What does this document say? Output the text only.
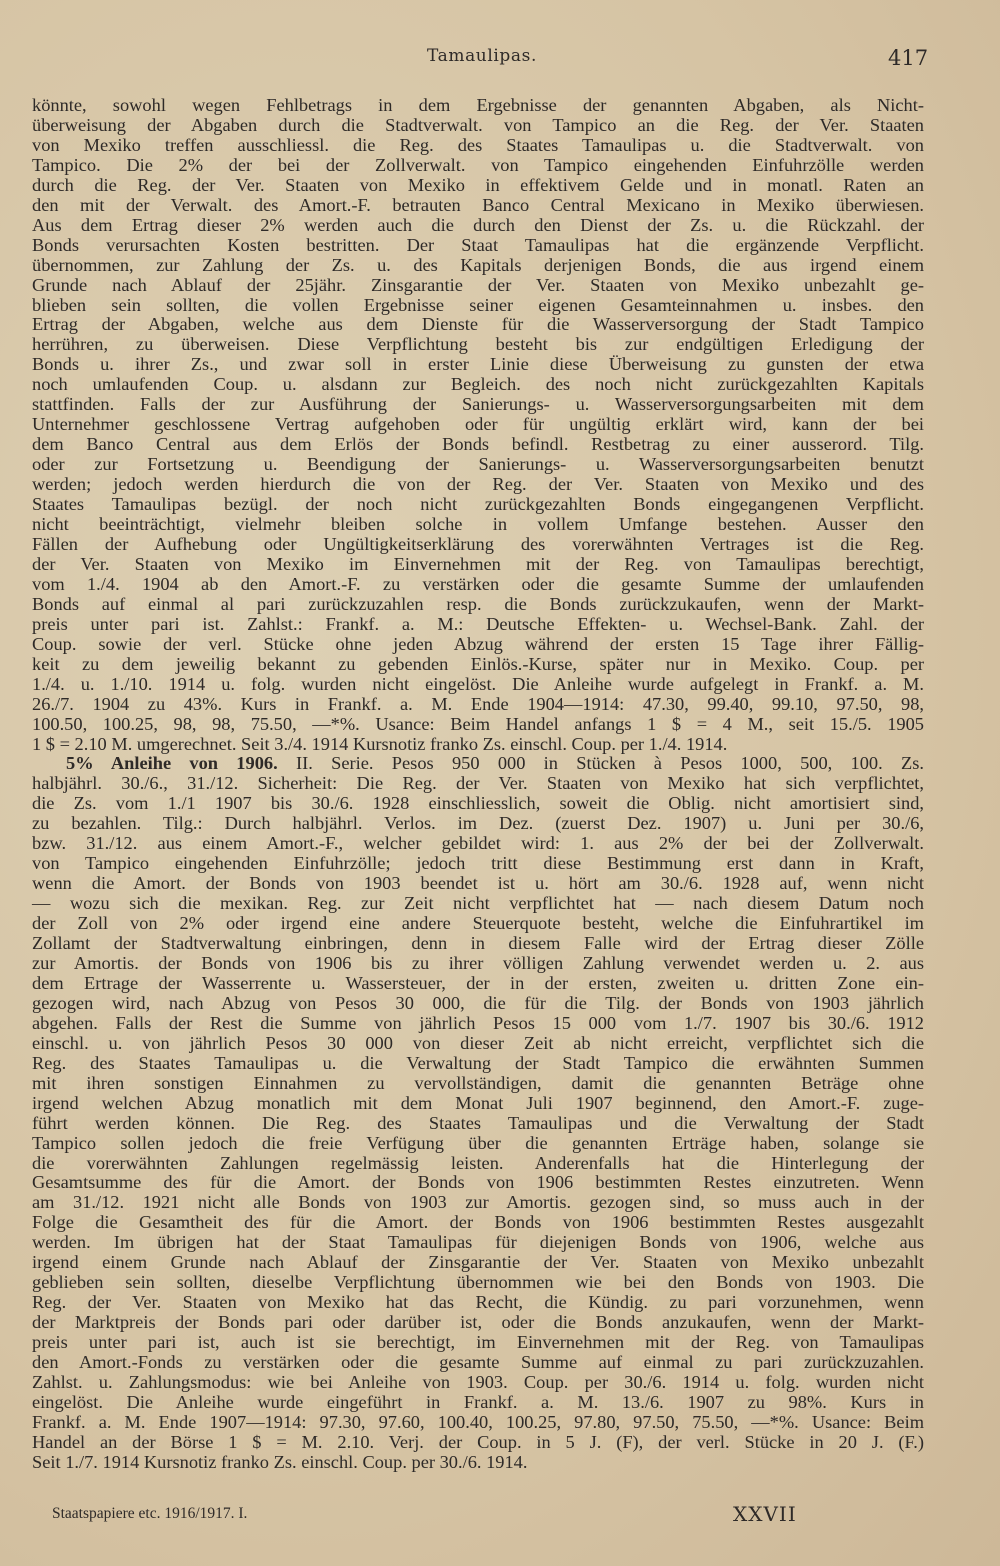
Tamaulipas.	417
könnte, sowohl wegen Fehlbetrags in dem Ergebnisse der genannten Abgaben, als Nicht-
überweisung der Abgaben durch die Stadtverwalt. von Tampico an die Reg. der Ver. Staaten
von Mexiko treffen ausschliessl. die Reg. des Staates Tamaulipas u. die Stadtverwalt. von
Tampico. Die 2% der bei der Zollverwalt. von Tampico eingehenden Einfuhrzölle werden
durch die Reg. der Ver. Staaten von Mexiko in effektivem Gelde und in monatl. Raten an
den mit der Verwalt. des Amort.-F. betrauten Banco Central Mexicano in Mexiko überwiesen.
Aus dem Ertrag dieser 2% werden auch die durch den Dienst der Zs. u. die Rückzahl. der
Bonds verursachten Kosten bestritten. Der Staat Tamaulipas hat die ergänzende Verpflicht.
übernommen, zur Zahlung der Zs. u. des Kapitals derjenigen Bonds, die aus irgend einem
Grunde nach Ablauf der 25jähr. Zinsgarantie der Ver. Staaten von Mexiko unbezahlt ge-
blieben sein sollten, die vollen Ergebnisse seiner eigenen Gesamteinnahmen u. insbes. den
Ertrag der Abgaben, welche aus dem Dienste für die Wasserversorgung der Stadt Tampico
herrühren, zu überweisen. Diese Verpflichtung besteht bis zur endgültigen Erledigung der
Bonds u. ihrer Zs., und zwar soll in erster Linie diese Überweisung zu gunsten der etwa
noch umlaufenden Coup. u. alsdann zur Begleich. des noch nicht zurückgezahlten Kapitals
stattfinden. Falls der zur Ausführung der Sanierungs- u. Wasserversorgungsarbeiten mit dem
Unternehmer geschlossene Vertrag aufgehoben oder für ungültig erklärt wird, kann der bei
dem Banco Central aus dem Erlös der Bonds befindl. Restbetrag zu einer ausserord. Tilg.
oder zur Fortsetzung u. Beendigung der Sanierungs- u. Wasserversorgungsarbeiten benutzt
werden; jedoch werden hierdurch die von der Reg. der Ver. Staaten von Mexiko und des
Staates Tamaulipas bezügl. der noch nicht zurückgezahlten Bonds eingegangenen Verpflicht.
nicht beeinträchtigt, vielmehr bleiben solche in vollem Umfange bestehen. Ausser den
Fällen der Aufhebung oder Ungültigkeitserklärung des vorerwähnten Vertrages ist die Reg.
der Ver. Staaten von Mexiko im Einvernehmen mit der Reg. von Tamaulipas berechtigt,
vom 1./4. 1904 ab den Amort.-F. zu verstärken oder die gesamte Summe der umlaufenden
Bonds auf einmal al pari zurückzuzahlen resp. die Bonds zurückzukaufen, wenn der Markt-
preis unter pari ist. Zahlst.: Frankf. a. M.: Deutsche Effekten- u. Wechsel-Bank. Zahl. der
Coup. sowie der verl. Stücke ohne jeden Abzug während der ersten 15 Tage ihrer Fällig-
keit zu dem jeweilig bekannt zu gebenden Einlös.-Kurse, später nur in Mexiko. Coup. per
1./4. u. 1./10. 1914 u. folg. wurden nicht eingelöst. Die Anleihe wurde aufgelegt in Frankf. a. M.
26./7. 1904 zu 43%. Kurs in Frankf. a. M. Ende 1904—1914: 47.30, 99.40, 99.10, 97.50, 98,
100.50, 100.25, 98, 98, 75.50, —*%. Usance: Beim Handel anfangs 1 $ = 4 M., seit 15./5. 1905
1 $ = 2.10 M. umgerechnet. Seit 3./4. 1914 Kursnotiz franko Zs. einschl. Coup. per 1./4. 1914.
5% Anleihe von 1906. II. Serie. Pesos 950 000 in Stücken à Pesos 1000, 500, 100. Zs.
halbjährl. 30./6., 31./12. Sicherheit: Die Reg. der Ver. Staaten von Mexiko hat sich verpflichtet,
die Zs. vom 1./1 1907 bis 30./6. 1928 einschliesslich, soweit die Oblig. nicht amortisiert sind,
zu bezahlen. Tilg.: Durch halbjährl. Verlos. im Dez. (zuerst Dez. 1907) u. Juni per 30./6,
bzw. 31./12. aus einem Amort.-F., welcher gebildet wird: 1. aus 2% der bei der Zollverwalt.
von Tampico eingehenden Einfuhrzölle; jedoch tritt diese Bestimmung erst dann in Kraft,
wenn die Amort. der Bonds von 1903 beendet ist u. hört am 30./6. 1928 auf, wenn nicht
— wozu sich die mexikan. Reg. zur Zeit nicht verpflichtet hat — nach diesem Datum noch
der Zoll von 2% oder irgend eine andere Steuerquote besteht, welche die Einfuhrartikel im
Zollamt der Stadtverwaltung einbringen, denn in diesem Falle wird der Ertrag dieser Zölle
zur Amortis. der Bonds von 1906 bis zu ihrer völligen Zahlung verwendet werden u. 2. aus
dem Ertrage der Wasserrente u. Wassersteuer, der in der ersten, zweiten u. dritten Zone ein-
gezogen wird, nach Abzug von Pesos 30 000, die für die Tilg. der Bonds von 1903 jährlich
abgehen. Falls der Rest die Summe von jährlich Pesos 15 000 vom 1./7. 1907 bis 30./6. 1912
einschl. u. von jährlich Pesos 30 000 von dieser Zeit ab nicht erreicht, verpflichtet sich die
Reg. des Staates Tamaulipas u. die Verwaltung der Stadt Tampico die erwähnten Summen
mit ihren sonstigen Einnahmen zu vervollständigen, damit die genannten Beträge ohne
irgend welchen Abzug monatlich mit dem Monat Juli 1907 beginnend, den Amort.-F. zuge-
führt werden können. Die Reg. des Staates Tamaulipas und die Verwaltung der Stadt
Tampico sollen jedoch die freie Verfügung über die genannten Erträge haben, solange sie
die vorerwähnten Zahlungen regelmässig leisten. Anderenfalls hat die Hinterlegung der
Gesamtsumme des für die Amort. der Bonds von 1906 bestimmten Restes einzutreten. Wenn
am 31./12. 1921 nicht alle Bonds von 1903 zur Amortis. gezogen sind, so muss auch in der
Folge die Gesamtheit des für die Amort. der Bonds von 1906 bestimmten Restes ausgezahlt
werden. Im übrigen hat der Staat Tamaulipas für diejenigen Bonds von 1906, welche aus
irgend einem Grunde nach Ablauf der Zinsgarantie der Ver. Staaten von Mexiko unbezahlt
geblieben sein sollten, dieselbe Verpflichtung übernommen wie bei den Bonds von 1903. Die
Reg. der Ver. Staaten von Mexiko hat das Recht, die Kündig. zu pari vorzunehmen, wenn
der Marktpreis der Bonds pari oder darüber ist, oder die Bonds anzukaufen, wenn der Markt-
preis unter pari ist, auch ist sie berechtigt, im Einvernehmen mit der Reg. von Tamaulipas
den Amort.-Fonds zu verstärken oder die gesamte Summe auf einmal zu pari zurückzuzahlen.
Zahlst. u. Zahlungsmodus: wie bei Anleihe von 1903. Coup. per 30./6. 1914 u. folg. wurden nicht
eingelöst. Die Anleihe wurde eingeführt in Frankf. a. M. 13./6. 1907 zu 98%. Kurs in
Frankf. a. M. Ende 1907—1914: 97.30, 97.60, 100.40, 100.25, 97.80, 97.50, 75.50, —*%. Usance: Beim
Handel an der Börse 1 $ = M. 2.10. Verj. der Coup. in 5 J. (F), der verl. Stücke in 20 J. (F.)
Seit 1./7. 1914 Kursnotiz franko Zs. einschl. Coup. per 30./6. 1914.
Staatspapiere etc. 1916/1917. I.	XXVII
